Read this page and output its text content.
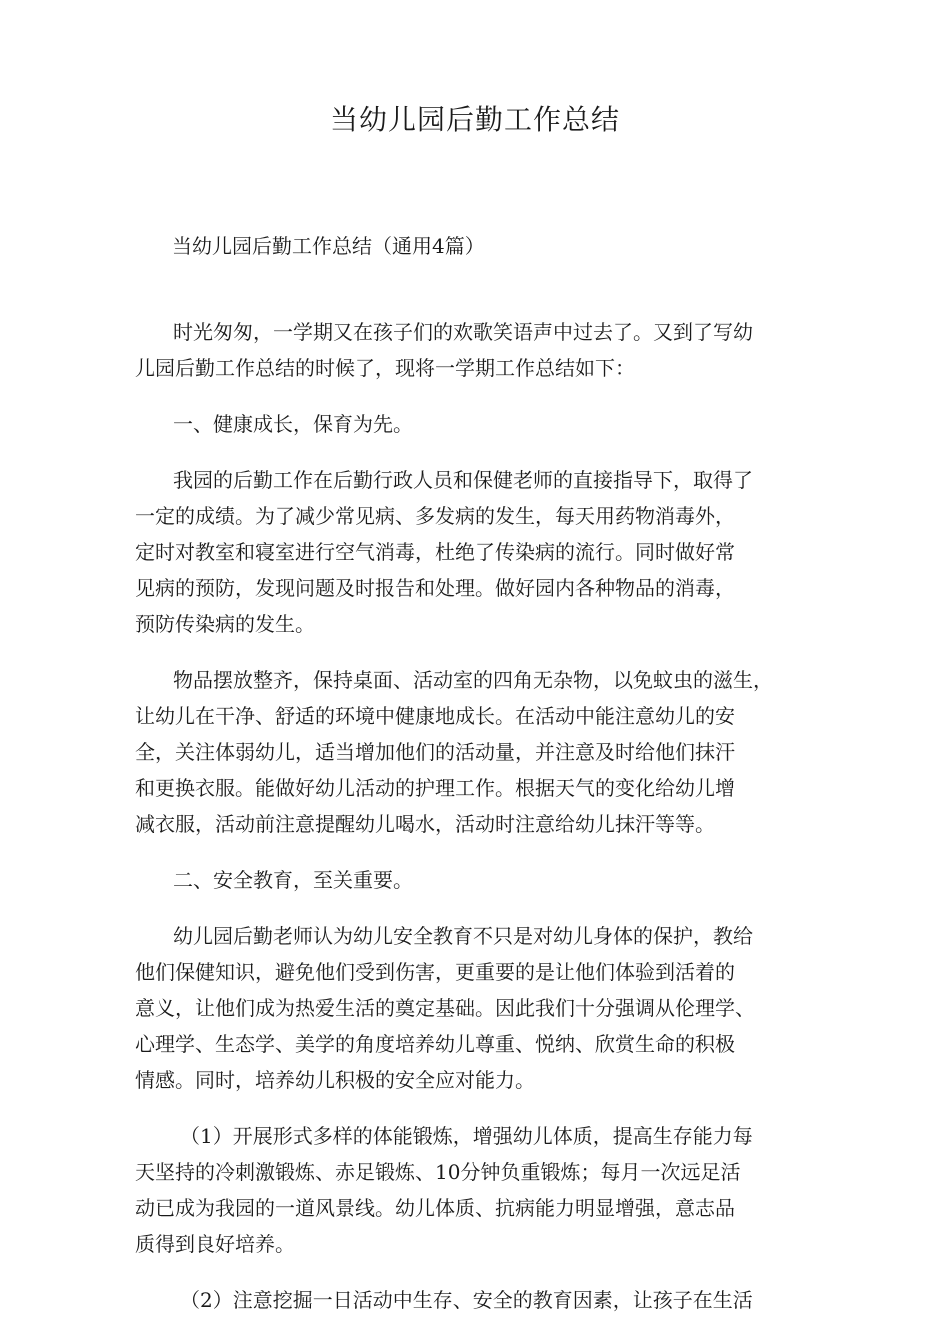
当幼儿园后勤工作总结
当幼儿园后勤工作总结（通用4篇）
时光匆匆，一学期又在孩子们的欢歌笑语声中过去了。又到了写幼
儿园后勤工作总结的时候了，现将一学期工作总结如下：
一、健康成长，保育为先。
我园的后勤工作在后勤行政人员和保健老师的直接指导下，取得了
一定的成绩。为了减少常见病、多发病的发生，每天用药物消毒外，
定时对教室和寝室进行空气消毒，杜绝了传染病的流行。同时做好常
见病的预防，发现问题及时报告和处理。做好园内各种物品的消毒，
预防传染病的发生。
物品摆放整齐，保持桌面、活动室的四角无杂物，以免蚊虫的滋生，
让幼儿在干净、舒适的环境中健康地成长。在活动中能注意幼儿的安
全，关注体弱幼儿，适当增加他们的活动量，并注意及时给他们抹汗
和更换衣服。能做好幼儿活动的护理工作。根据天气的变化给幼儿增
减衣服，活动前注意提醒幼儿喝水，活动时注意给幼儿抹汗等等。
二、安全教育，至关重要。
幼儿园后勤老师认为幼儿安全教育不只是对幼儿身体的保护，教给
他们保健知识，避免他们受到伤害，更重要的是让他们体验到活着的
意义，让他们成为热爱生活的奠定基础。因此我们十分强调从伦理学、
心理学、生态学、美学的角度培养幼儿尊重、悦纳、欣赏生命的积极
情感。同时，培养幼儿积极的安全应对能力。
（1）开展形式多样的体能锻炼，增强幼儿体质，提高生存能力每
天坚持的冷刺激锻炼、赤足锻炼、10分钟负重锻炼；每月一次远足活
动已成为我园的一道风景线。幼儿体质、抗病能力明显增强，意志品
质得到良好培养。
（2）注意挖掘一日活动中生存、安全的教育因素，让孩子在生活
